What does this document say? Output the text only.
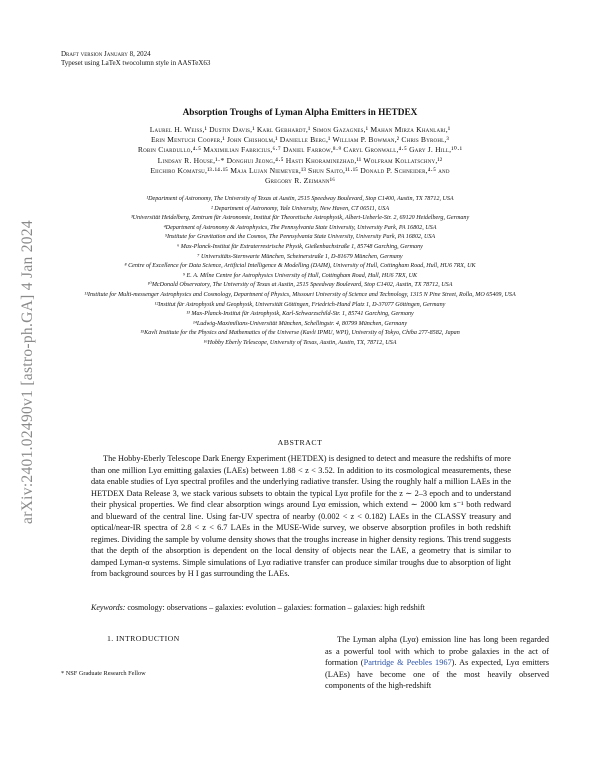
arXiv:2401.02490v1 [astro-ph.GA] 4 Jan 2024
Draft version January 8, 2024
Typeset using LaTeX twocolumn style in AASTeX63
Absorption Troughs of Lyman Alpha Emitters in HETDEX
Laurel H. Weiss,¹ Dustin Davis,¹ Karl Gebhardt,¹ Simon Gazagnes,¹ Mahan Mirza Khanlari,¹
Erin Mentuch Cooper,¹ John Chisholm,¹ Danielle Berg,¹ William P. Bowman,² Chris Byrohl,³
Robin Ciardullo,⁴·⁵ Maximilian Fabricius,⁶·⁷ Daniel Farrow,⁸·⁹ Caryl Gronwall,⁴·⁵ Gary J. Hill,¹⁰·¹
Lindsay R. House,¹·* Donghui Jeong,⁴·⁵ Hasti Khoraminezhad,¹¹ Wolfram Kollatschny,¹²
Eiichiro Komatsu,¹³·¹⁴·¹⁵ Maja Lujan Niemeyer,¹³ Shun Saito,¹¹·¹⁵ Donald P. Schneider,⁴·⁵ and
Gregory R. Zeimann¹⁶
¹Department of Astronomy, The University of Texas at Austin, 2515 Speedway Boulevard, Stop C1400, Austin, TX 78712, USA
² Department of Astronomy, Yale University, New Haven, CT 06511, USA
³Universität Heidelberg, Zentrum für Astronomie, Institut für Theoretische Astrophysik, Albert-Ueberle-Str. 2, 69120 Heidelberg, Germany
⁴Department of Astronomy & Astrophysics, The Pennsylvania State University, University Park, PA 16802, USA
⁵Institute for Gravitation and the Cosmos, The Pennsylvania State University, University Park, PA 16802, USA
⁶ Max-Planck-Institut für Extraterrestrische Physik, Gießenbachstraße 1, 85748 Garching, Germany
⁷ Universitäts-Sternwarte München, Scheinerstraße 1, D-81679 München, Germany
⁸ Centre of Excellence for Data Science, Artificial Intelligence & Modelling (DAIM), University of Hull, Cottingham Road, Hull, HU6 7RX, UK
⁹ E. A. Milne Centre for Astrophysics University of Hull, Cottingham Road, Hull, HU6 7RX, UK
¹⁰McDonald Observatory, The University of Texas at Austin, 2515 Speedway Boulevard, Stop C1402, Austin, TX 78712, USA
¹¹Institute for Multi-messenger Astrophysics and Cosmology, Department of Physics, Missouri University of Science and Technology, 1315 N Pine Street, Rolla, MO 65409, USA
¹²Institut für Astrophysik und Geophysik, Universität Göttingen, Friedrich-Hund Platz 1, D-37077 Göttingen, Germany
¹³ Max-Planck-Institut für Astrophysik, Karl-Schwarzschild-Str. 1, 85741 Garching, Germany
¹⁴Ludwig-Maximilians-Universität München, Schellingstr. 4, 80799 München, Germany
¹⁵Kavli Institute for the Physics and Mathematics of the Universe (Kavli IPMU, WPI), University of Tokyo, Chiba 277-8582, Japan
¹⁶Hobby Eberly Telescope, University of Texas, Austin, Austin, TX, 78712, USA
ABSTRACT
The Hobby-Eberly Telescope Dark Energy Experiment (HETDEX) is designed to detect and measure the redshifts of more than one million Lyα emitting galaxies (LAEs) between 1.88 < z < 3.52. In addition to its cosmological measurements, these data enable studies of Lyα spectral profiles and the underlying radiative transfer. Using the roughly half a million LAEs in the HETDEX Data Release 3, we stack various subsets to obtain the typical Lyα profile for the z ∼ 2–3 epoch and to understand their physical properties. We find clear absorption wings around Lyα emission, which extend ∼ 2000 km s⁻¹ both redward and blueward of the central line. Using far-UV spectra of nearby (0.002 < z < 0.182) LAEs in the CLASSY treasury and optical/near-IR spectra of 2.8 < z < 6.7 LAEs in the MUSE-Wide survey, we observe absorption profiles in both redshift regimes. Dividing the sample by volume density shows that the troughs increase in higher density regions. This trend suggests that the depth of the absorption is dependent on the local density of objects near the LAE, a geometry that is similar to damped Lyman-α systems. Simple simulations of Lyα radiative transfer can produce similar troughs due to absorption of light from background sources by H I gas surrounding the LAEs.
Keywords: cosmology: observations – galaxies: evolution – galaxies: formation – galaxies: high redshift
1. INTRODUCTION
* NSF Graduate Research Fellow
The Lyman alpha (Lyα) emission line has long been regarded as a powerful tool with which to probe galaxies in the act of formation (Partridge & Peebles 1967). As expected, Lyα emitters (LAEs) have become one of the most heavily observed components of the high-redshift
